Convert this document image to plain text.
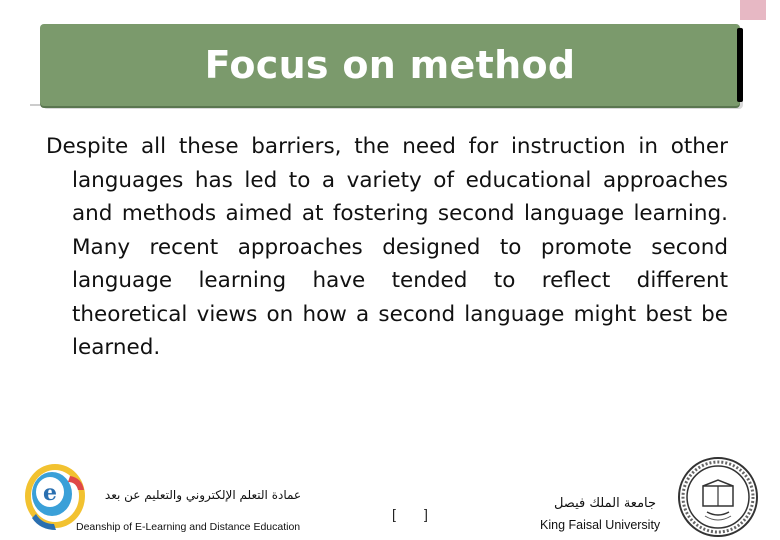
Focus on method

Despite all these barriers, the need for instruction in other languages has led to a variety of educational approaches and methods aimed at fostering second language learning. Many recent approaches designed to promote second language learning have tended to reflect different theoretical views on how a second language might best be learned.

e	عمادة التعلم الإلكتروني والتعليم عن بعد
Deanship of E-Learning and Distance Education
[ ]
جامعة الملك فيصل
King Faisal University
